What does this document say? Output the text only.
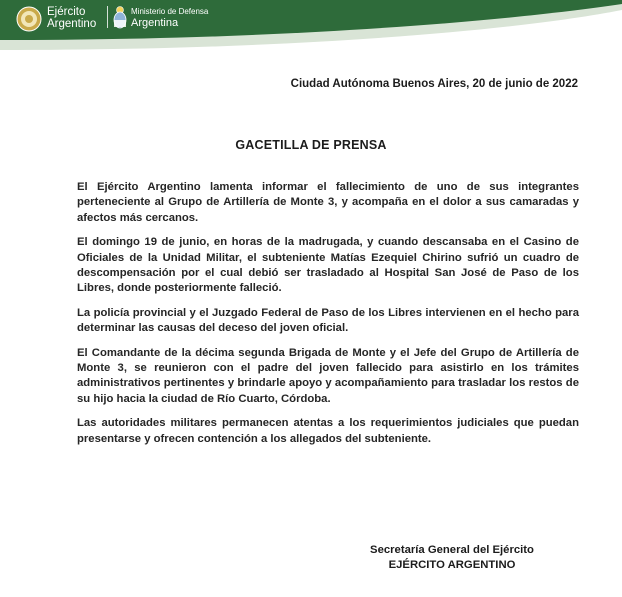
Ejército
Argentino
Ministerio de Defensa
Argentina
Ciudad Autónoma Buenos Aires, 20 de junio de 2022
GACETILLA DE PRENSA

El Ejército Argentino lamenta informar el fallecimiento de uno de sus integrantes perteneciente al Grupo de Artillería de Monte 3, y acompaña en el dolor a sus camaradas y afectos más cercanos.

El domingo 19 de junio, en horas de la madrugada, y cuando descansaba en el Casino de Oficiales de la Unidad Militar, el subteniente Matías Ezequiel Chirino sufrió un cuadro de descompensación por el cual debió ser trasladado al Hospital San José de Paso de los Libres, donde posteriormente falleció.

La policía provincial y el Juzgado Federal de Paso de los Libres intervienen en el hecho para determinar las causas del deceso del joven oficial.

El Comandante de la décima segunda Brigada de Monte y el Jefe del Grupo de Artillería de Monte 3, se reunieron con el padre del joven fallecido para asistirlo en los trámites administrativos pertinentes y brindarle apoyo y acompañamiento para trasladar los restos de su hijo hacia la ciudad de Río Cuarto, Córdoba.

Las autoridades militares permanecen atentas a los requerimientos judiciales que puedan presentarse y ofrecen contención a los allegados del subteniente.

Secretaría General del Ejército
EJÉRCITO ARGENTINO
